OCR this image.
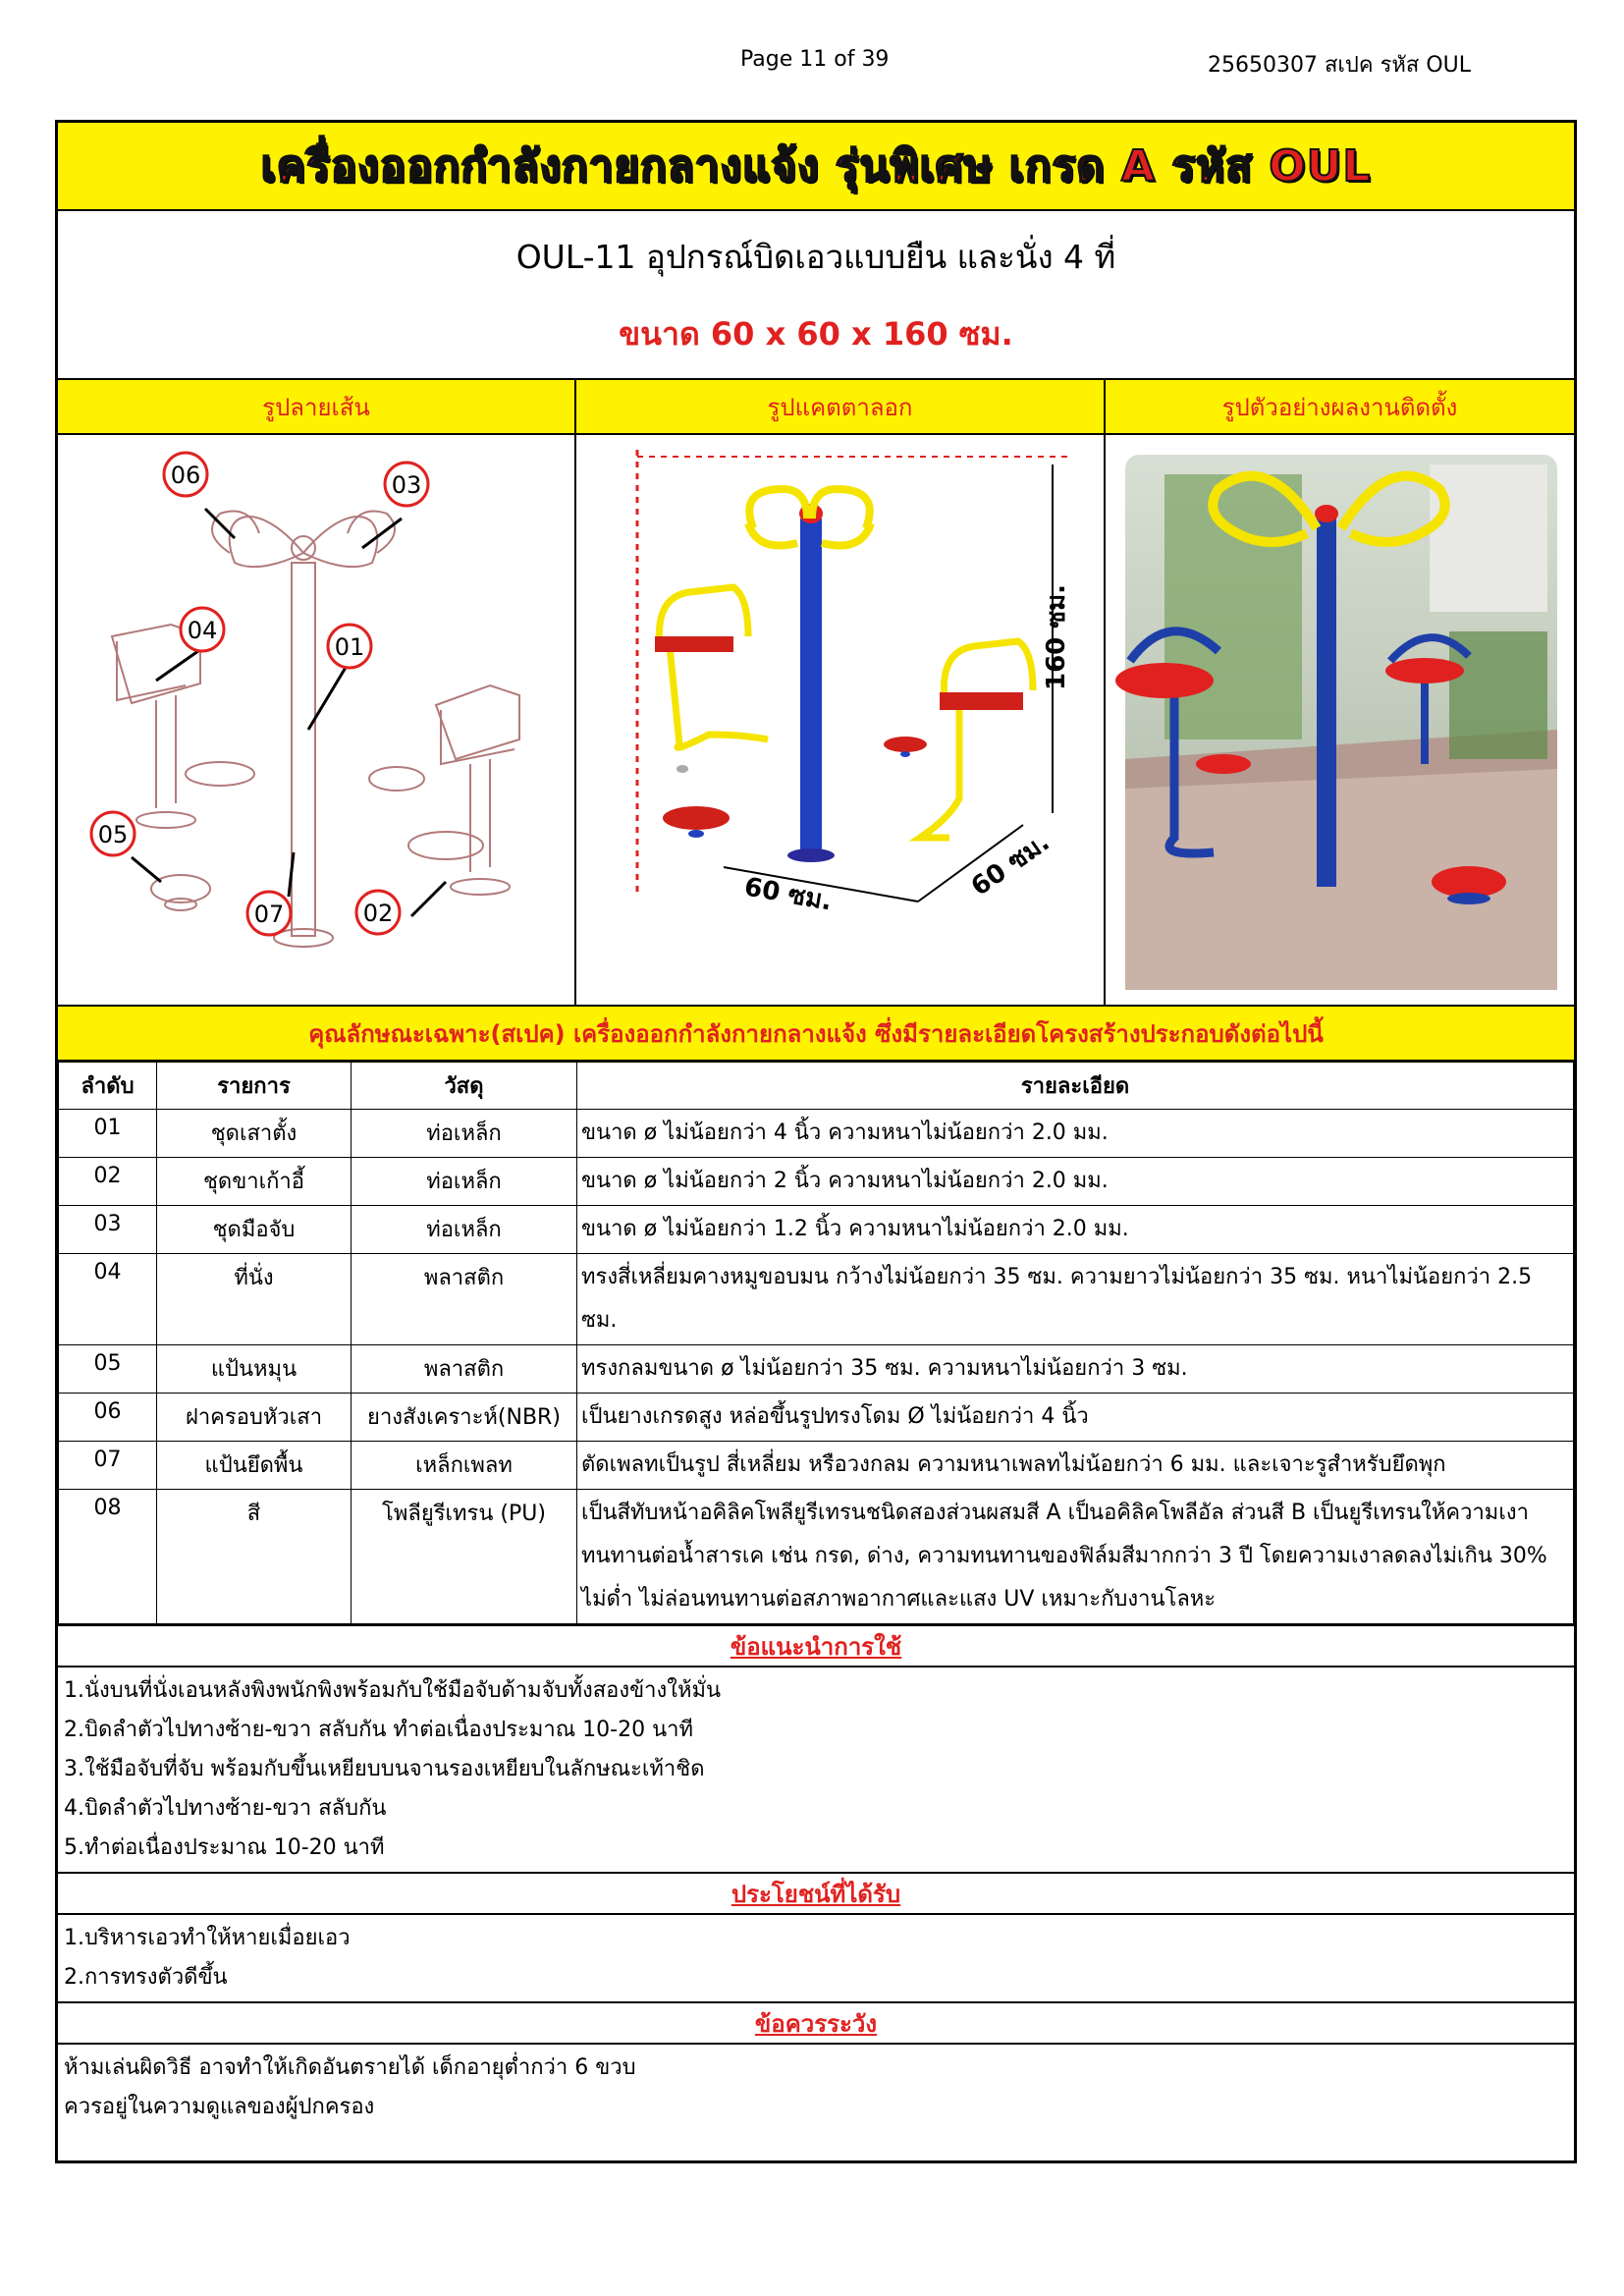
Page 11 of 39	25650307 สเปค รหัส OUL
เครื่องออกกำลังกายกลางแจ้ง รุ่นพิเศษ เกรด A รหัส OUL
OUL-11 อุปกรณ์บิดเอวแบบยืน และนั่ง 4 ที่
ขนาด 60 x 60 x 160 ซม.
รูปลายเส้น	รูปแคตตาลอก	รูปตัวอย่างผลงานติดตั้ง
06	03
04
01
05
07	02
160 ซม.
60 ซม.	60 ซม.
คุณลักษณะเฉพาะ(สเปค) เครื่องออกกำลังกายกลางแจ้ง ซึ่งมีรายละเอียดโครงสร้างประกอบดังต่อไปนี้
ลำดับ	รายการ	วัสดุ	รายละเอียด
01	ชุดเสาตั้ง	ท่อเหล็ก	ขนาด ø ไม่น้อยกว่า 4 นิ้ว ความหนาไม่น้อยกว่า 2.0 มม.
02	ชุดขาเก้าอี้	ท่อเหล็ก	ขนาด ø ไม่น้อยกว่า 2 นิ้ว ความหนาไม่น้อยกว่า 2.0 มม.
03	ชุดมือจับ	ท่อเหล็ก	ขนาด ø ไม่น้อยกว่า 1.2 นิ้ว ความหนาไม่น้อยกว่า 2.0 มม.
04	ที่นั่ง	พลาสติก	ทรงสี่เหลี่ยมคางหมูขอบมน กว้างไม่น้อยกว่า 35 ซม. ความยาวไม่น้อยกว่า 35 ซม. หนาไม่น้อยกว่า 2.5 ซม.
05	แป้นหมุน	พลาสติก	ทรงกลมขนาด ø ไม่น้อยกว่า 35 ซม. ความหนาไม่น้อยกว่า 3 ซม.
06	ฝาครอบหัวเสา	ยางสังเคราะห์(NBR)	เป็นยางเกรดสูง หล่อขึ้นรูปทรงโดม Ø ไม่น้อยกว่า 4 นิ้ว
07	แป้นยึดพื้น	เหล็กเพลท	ตัดเพลทเป็นรูป สี่เหลี่ยม หรือวงกลม ความหนาเพลทไม่น้อยกว่า 6 มม. และเจาะรูสำหรับยึดพุก
08	สี	โพลียูรีเทรน (PU)	เป็นสีทับหน้าอคิลิคโพลียูรีเทรนชนิดสองส่วนผสมสี A เป็นอคิลิคโพลีอัล ส่วนสี B เป็นยูรีเทรนให้ความเงาทนทานต่อน้ำสารเค เช่น กรด, ด่าง, ความทนทานของฟิล์มสีมากกว่า 3 ปี โดยความเงาลดลงไม่เกิน 30% ไม่ด่ำ ไม่ล่อนทนทานต่อสภาพอากาศและแสง UV เหมาะกับงานโลหะ
ข้อแนะนำการใช้
1.นั่งบนที่นั่งเอนหลังพิงพนักพิงพร้อมกับใช้มือจับด้ามจับทั้งสองข้างให้มั่น
2.บิดลำตัวไปทางซ้าย-ขวา สลับกัน ทำต่อเนื่องประมาณ 10-20 นาที
3.ใช้มือจับที่จับ พร้อมกับขึ้นเหยียบบนจานรองเหยียบในลักษณะเท้าชิด
4.บิดลำตัวไปทางซ้าย-ขวา สลับกัน
5.ทำต่อเนื่องประมาณ 10-20 นาที
ประโยชน์ที่ได้รับ
1.บริหารเอวทำให้หายเมื่อยเอว
2.การทรงตัวดีขึ้น
ข้อควรระวัง
ห้ามเล่นผิดวิธี อาจทำให้เกิดอันตรายได้ เด็กอายุต่ำกว่า 6 ขวบ
ควรอยู่ในความดูแลของผู้ปกครอง
